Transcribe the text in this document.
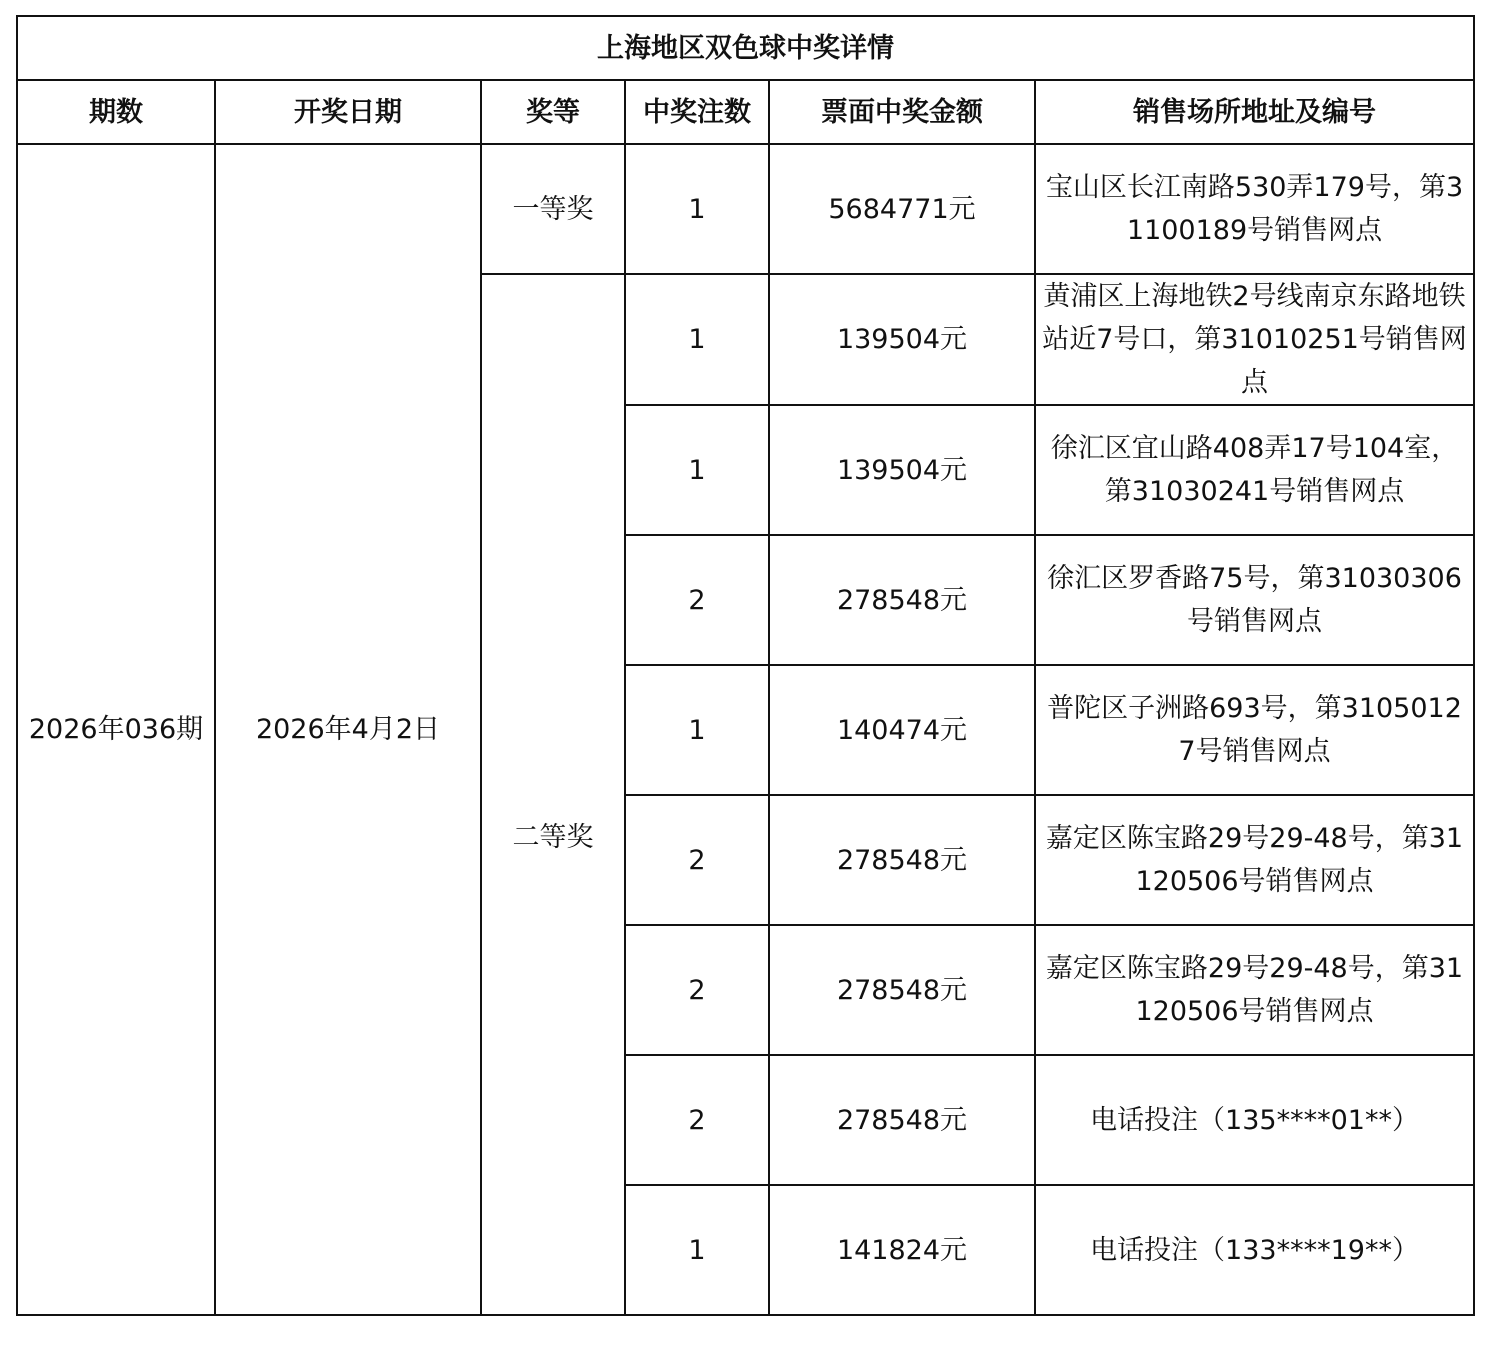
上海地区双色球中奖详情					
期数	开奖日期	奖等	中奖注数	票面中奖金额	销售场所地址及编号
2026年036期	2026年4月2日	一等奖	1	5684771元	宝山区长江南路530弄179号，第31100189号销售网点
		二等奖	1	139504元	黄浦区上海地铁2号线南京东路地铁站近7号口，第31010251号销售网点
			1	139504元	徐汇区宜山路408弄17号104室，第31030241号销售网点
			2	278548元	徐汇区罗香路75号，第31030306号销售网点
			1	140474元	普陀区子洲路693号，第31050127号销售网点
			2	278548元	嘉定区陈宝路29号29-48号，第31120506号销售网点
			2	278548元	嘉定区陈宝路29号29-48号，第31120506号销售网点
			2	278548元	电话投注（135****01**）
			1	141824元	电话投注（133****19**）
